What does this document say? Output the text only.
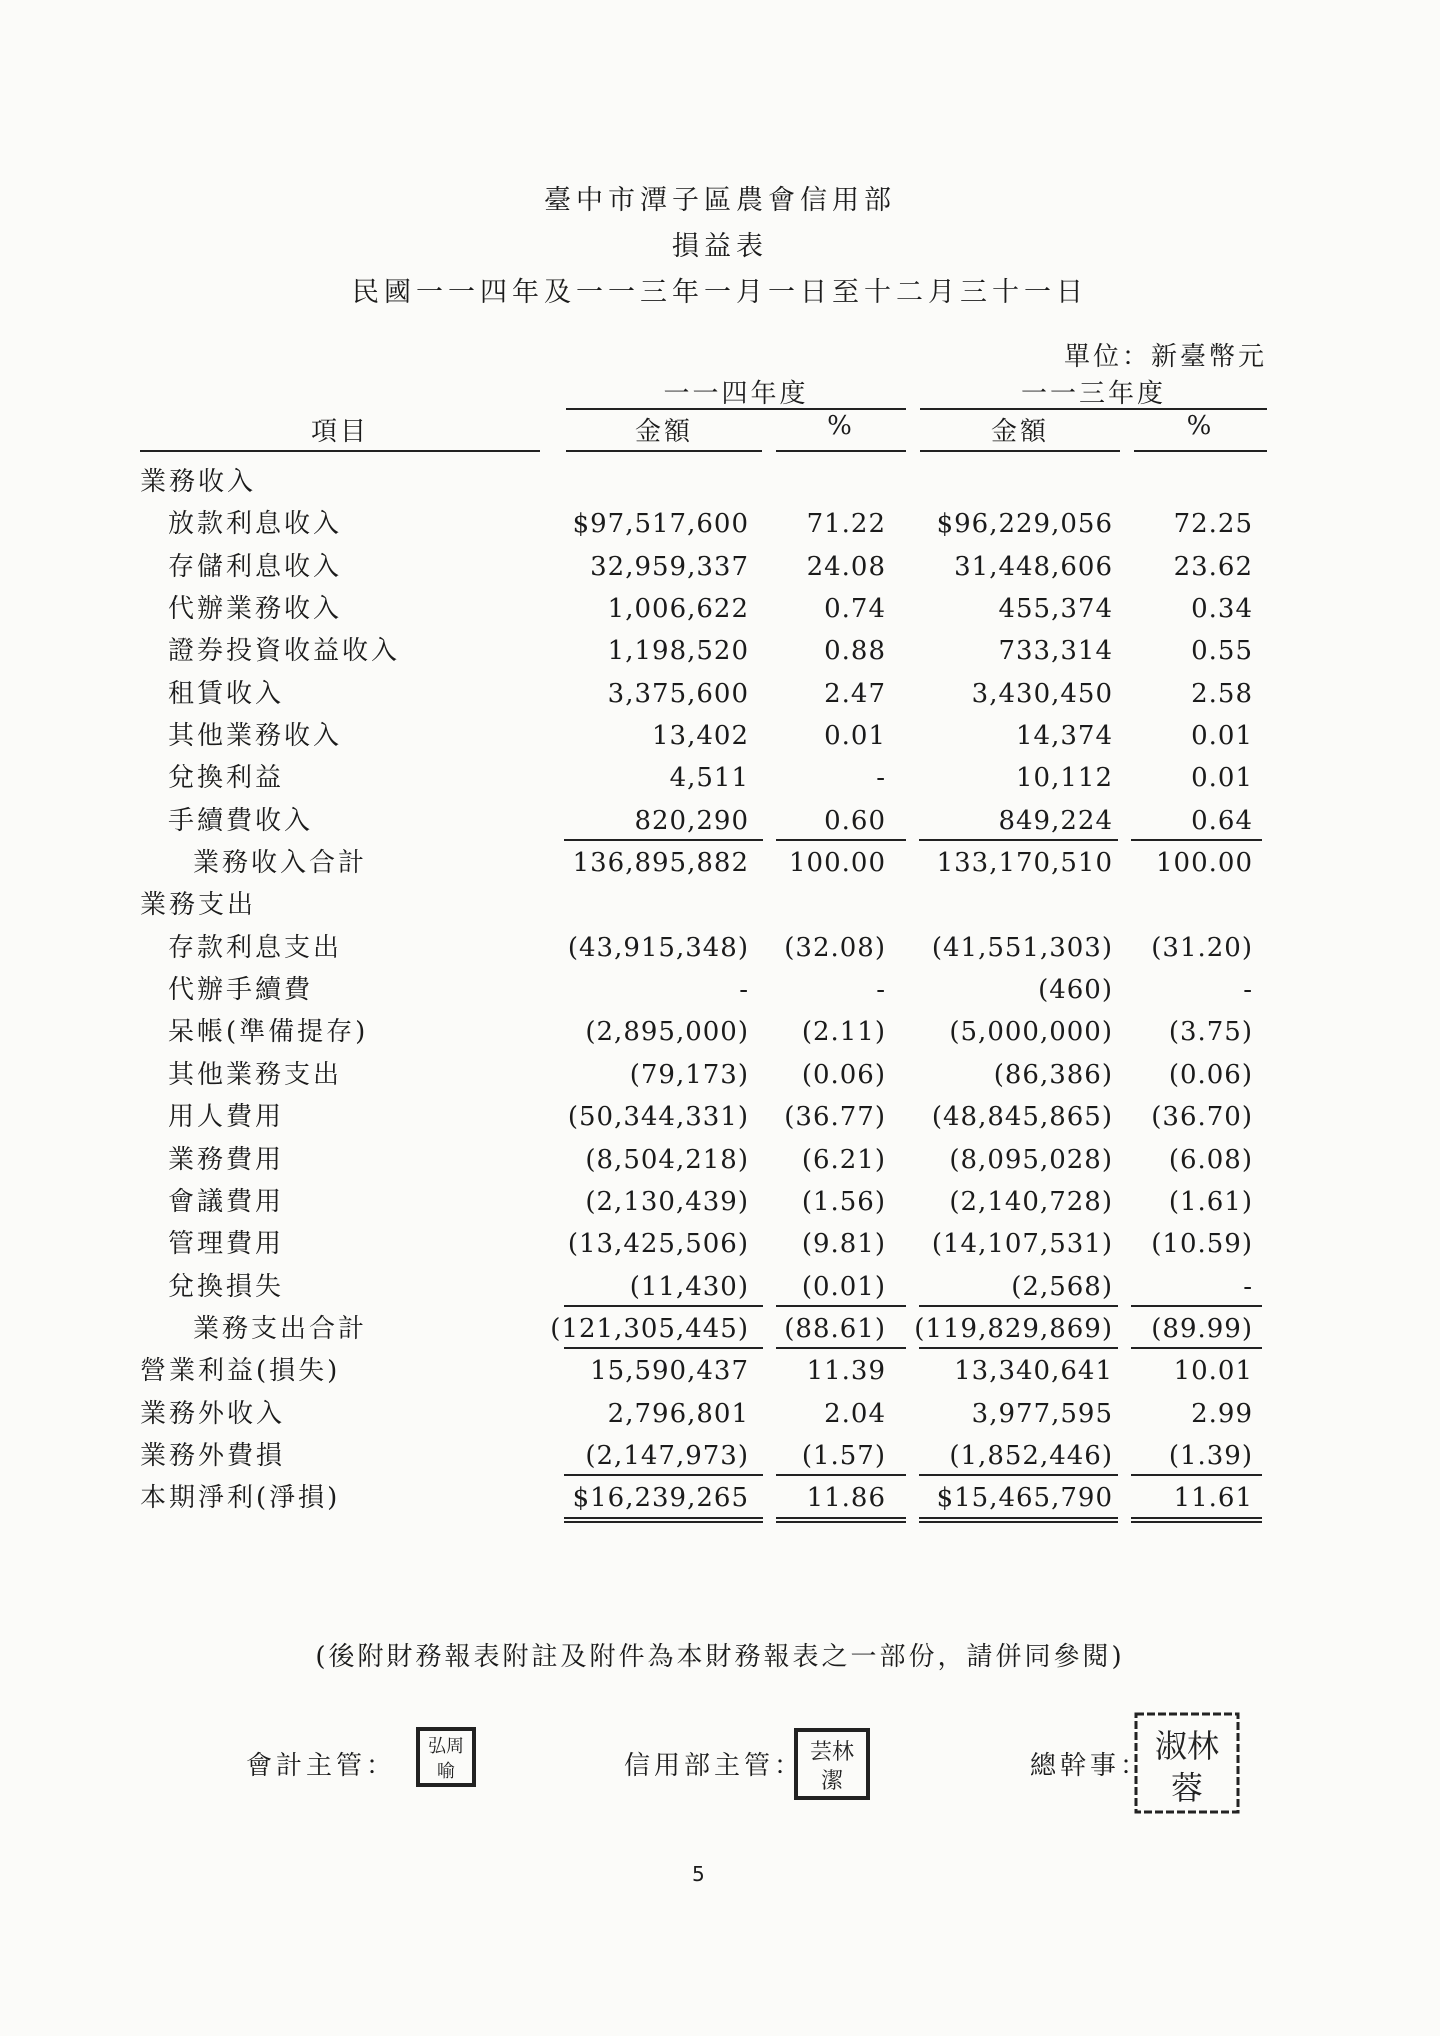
臺中市潭子區農會信用部
損益表
民國一一四年及一一三年一月一日至十二月三十一日
單位：新臺幣元
一一四年度	一一三年度
項目	金額	%	金額	%
業務收入
放款利息收入	$97,517,600 71.22 $96,229,056 72.25
存儲利息收入	32,959,337 24.08	31,448,606 23.62
代辦業務收入	1,006,622	0.74	455,374	0.34
證券投資收益收入	1,198,520	0.88	733,314	0.55
租賃收入	3,375,600	2.47	3,430,450	2.58
其他業務收入	13,402	0.01	14,374	0.01
兌換利益	4,511	-	10,112	0.01
手續費收入	820,290	0.60	849,224	0.64
業務收入合計	136,895,882 100.00 133,170,510 100.00
業務支出
存款利息支出	(43,915,348) (32.08) (41,551,303) (31.20)
代辦手續費	-	-	(460)	-
呆帳(準備提存)	(2,895,000) (2.11) (5,000,000) (3.75)
其他業務支出	(79,173) (0.06)	(86,386) (0.06)
用人費用	(50,344,331) (36.77) (48,845,865) (36.70)
業務費用	(8,504,218) (6.21) (8,095,028) (6.08)
會議費用	(2,130,439) (1.56) (2,140,728) (1.61)
管理費用	(13,425,506) (9.81) (14,107,531) (10.59)
兌換損失	(11,430) (0.01)	(2,568)	-
業務支出合計	(121,305,445) (88.61) (119,829,869) (89.99)
營業利益(損失)	15,590,437 11.39	13,340,641 10.01
業務外收入	2,796,801	2.04	3,977,595	2.99
業務外費損	(2,147,973) (1.57) (1,852,446) (1.39)
本期淨利(淨損)	$16,239,265 11.86 $15,465,790 11.61
(後附財務報表附註及附件為本財務報表之一部份，請併同參閱)
會計主管：
弘周
喻	信用部主管： 芸林
潔
總幹事：
淑林
蓉
5
